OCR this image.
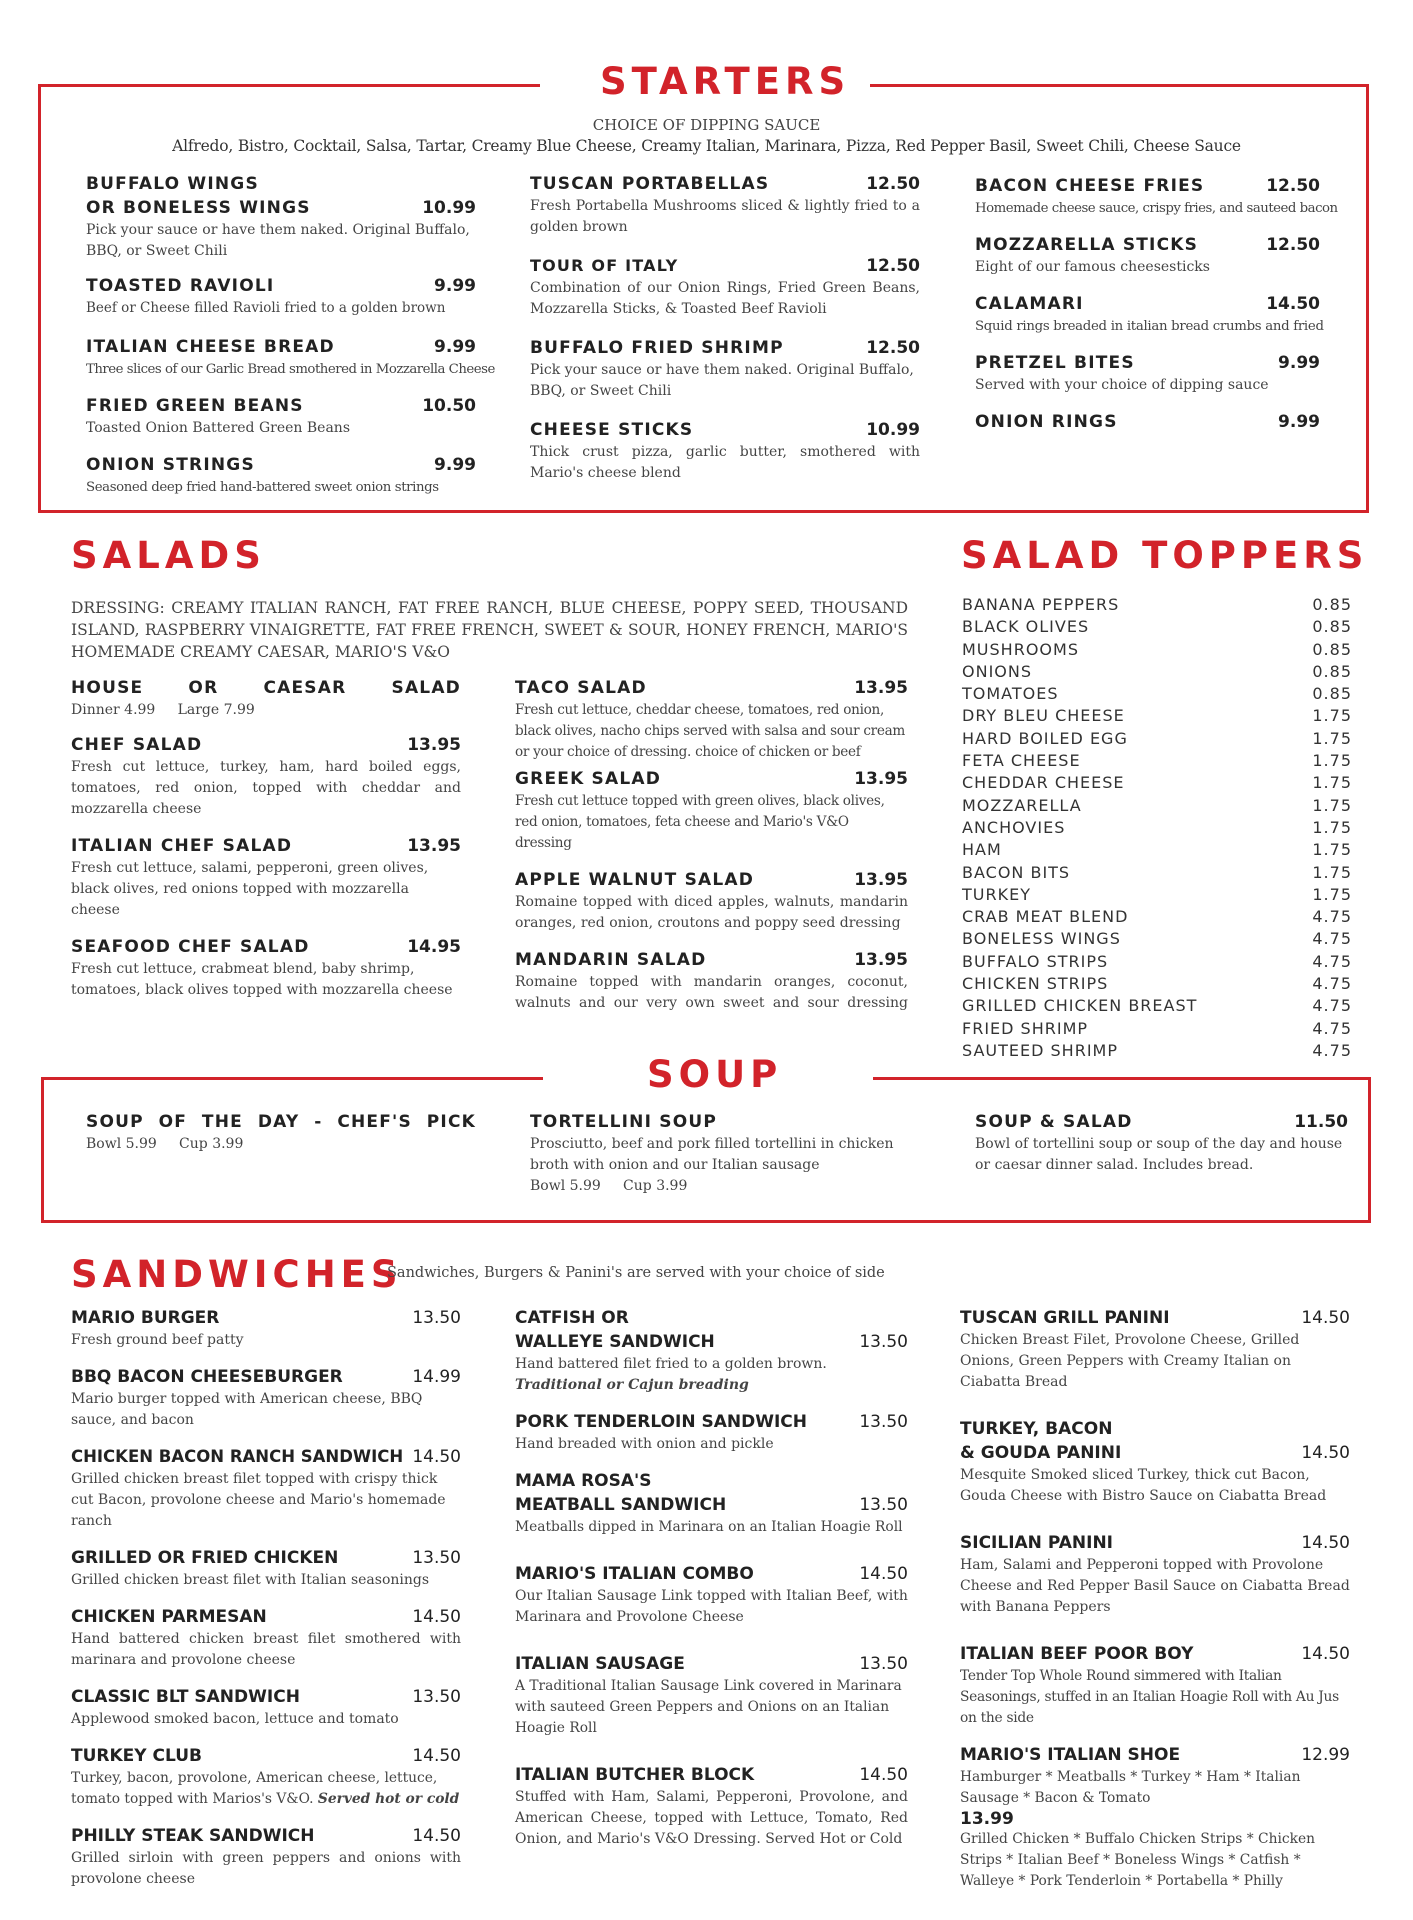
STARTERS
CHOICE OF DIPPING SAUCE
Alfredo, Bistro, Cocktail, Salsa, Tartar, Creamy Blue Cheese, Creamy Italian, Marinara, Pizza, Red Pepper Basil, Sweet Chili, Cheese Sauce
BUFFALO WINGS
OR BONELESS WINGS	10.99
Pick your sauce or have them naked. Original Buffalo, BBQ, or Sweet Chili
TOASTED RAVIOLI	9.99
Beef or Cheese filled Ravioli fried to a golden brown
ITALIAN CHEESE BREAD	9.99
Three slices of our Garlic Bread smothered in Mozzarella Cheese
FRIED GREEN BEANS	10.50
Toasted Onion Battered Green Beans
ONION STRINGS	9.99
Seasoned deep fried hand-battered sweet onion strings
TUSCAN PORTABELLAS	12.50
Fresh Portabella Mushrooms sliced & lightly fried to a golden brown
TOUR OF ITALY	12.50
Combination of our Onion Rings, Fried Green Beans, Mozzarella Sticks, & Toasted Beef Ravioli
BUFFALO FRIED SHRIMP	12.50
Pick your sauce or have them naked. Original Buffalo, BBQ, or Sweet Chili
CHEESE STICKS	10.99
Thick crust pizza, garlic butter, smothered with Mario's cheese blend
BACON CHEESE FRIES	12.50
Homemade cheese sauce, crispy fries, and sauteed bacon
MOZZARELLA STICKS	12.50
Eight of our famous cheesesticks
CALAMARI	14.50
Squid rings breaded in italian bread crumbs and fried
PRETZEL BITES	9.99
Served with your choice of dipping sauce
ONION RINGS	9.99
SALADS
DRESSING: CREAMY ITALIAN RANCH, FAT FREE RANCH, BLUE CHEESE, POPPY SEED, THOUSAND ISLAND, RASPBERRY VINAIGRETTE, FAT FREE FRENCH, SWEET & SOUR, HONEY FRENCH, MARIO'S HOMEMADE CREAMY CAESAR, MARIO'S V&O
HOUSE OR CAESAR SALAD
Dinner 4.99     Large 7.99
CHEF SALAD	13.95
Fresh cut lettuce, turkey, ham, hard boiled eggs, tomatoes, red onion, topped with cheddar and mozzarella cheese
ITALIAN CHEF SALAD	13.95
Fresh cut lettuce, salami, pepperoni, green olives, black olives, red onions topped with mozzarella cheese
SEAFOOD CHEF SALAD	14.95
Fresh cut lettuce, crabmeat blend, baby shrimp, tomatoes, black olives topped with mozzarella cheese
TACO SALAD	13.95
Fresh cut lettuce, cheddar cheese, tomatoes, red onion, black olives, nacho chips served with salsa and sour cream or your choice of dressing. choice of chicken or beef
GREEK SALAD	13.95
Fresh cut lettuce topped with green olives, black olives, red onion, tomatoes, feta cheese and Mario's V&O dressing
APPLE WALNUT SALAD	13.95
Romaine topped with diced apples, walnuts, mandarin oranges, red onion, croutons and poppy seed dressing
MANDARIN SALAD	13.95
Romaine topped with mandarin oranges, coconut, walnuts and our very own sweet and sour dressing
SALAD TOPPERS
BANANA PEPPERS	0.85
BLACK OLIVES	0.85
MUSHROOMS	0.85
ONIONS	0.85
TOMATOES	0.85
DRY BLEU CHEESE	1.75
HARD BOILED EGG	1.75
FETA CHEESE	1.75
CHEDDAR CHEESE	1.75
MOZZARELLA	1.75
ANCHOVIES	1.75
HAM	1.75
BACON BITS	1.75
TURKEY	1.75
CRAB MEAT BLEND	4.75
BONELESS WINGS	4.75
BUFFALO STRIPS	4.75
CHICKEN STRIPS	4.75
GRILLED CHICKEN BREAST	4.75
FRIED SHRIMP	4.75
SAUTEED SHRIMP	4.75
SOUP
SOUP OF THE DAY - CHEF'S PICK
Bowl 5.99     Cup 3.99
TORTELLINI SOUP
Prosciutto, beef and pork filled tortellini in chicken broth with onion and our Italian sausage
Bowl 5.99     Cup 3.99
SOUP & SALAD	11.50
Bowl of tortellini soup or soup of the day and house or caesar dinner salad. Includes bread.
SANDWICHES
Sandwiches, Burgers & Panini's are served with your choice of side
MARIO BURGER	13.50
Fresh ground beef patty
BBQ BACON CHEESEBURGER	14.99
Mario burger topped with American cheese, BBQ sauce, and bacon
CHICKEN BACON RANCH SANDWICH 14.50
Grilled chicken breast filet topped with crispy thick cut Bacon, provolone cheese and Mario's homemade ranch
GRILLED OR FRIED CHICKEN	13.50
Grilled chicken breast filet with Italian seasonings
CHICKEN PARMESAN	14.50
Hand battered chicken breast filet smothered with marinara and provolone cheese
CLASSIC BLT SANDWICH	13.50
Applewood smoked bacon, lettuce and tomato
TURKEY CLUB	14.50
Turkey, bacon, provolone, American cheese, lettuce, tomato topped with Marios's V&O. Served hot or cold
PHILLY STEAK SANDWICH	14.50
Grilled sirloin with green peppers and onions with provolone cheese
CATFISH OR
WALLEYE SANDWICH	13.50
Hand battered filet fried to a golden brown.
Traditional or Cajun breading
PORK TENDERLOIN SANDWICH	13.50
Hand breaded with onion and pickle
MAMA ROSA'S
MEATBALL SANDWICH	13.50
Meatballs dipped in Marinara on an Italian Hoagie Roll
MARIO'S ITALIAN COMBO	14.50
Our Italian Sausage Link topped with Italian Beef, with Marinara and Provolone Cheese
ITALIAN SAUSAGE	13.50
A Traditional Italian Sausage Link covered in Marinara with sauteed Green Peppers and Onions on an Italian Hoagie Roll
ITALIAN BUTCHER BLOCK	14.50
Stuffed with Ham, Salami, Pepperoni, Provolone, and American Cheese, topped with Lettuce, Tomato, Red Onion, and Mario's V&O Dressing. Served Hot or Cold
TUSCAN GRILL PANINI	14.50
Chicken Breast Filet, Provolone Cheese, Grilled Onions, Green Peppers with Creamy Italian on Ciabatta Bread
TURKEY, BACON
& GOUDA PANINI	14.50
Mesquite Smoked sliced Turkey, thick cut Bacon, Gouda Cheese with Bistro Sauce on Ciabatta Bread
SICILIAN PANINI	14.50
Ham, Salami and Pepperoni topped with Provolone Cheese and Red Pepper Basil Sauce on Ciabatta Bread with Banana Peppers
ITALIAN BEEF POOR BOY	14.50
Tender Top Whole Round simmered with Italian Seasonings, stuffed in an Italian Hoagie Roll with Au Jus on the side
MARIO'S ITALIAN SHOE	12.99
Hamburger * Meatballs * Turkey * Ham * Italian Sausage * Bacon & Tomato
13.99
Grilled Chicken * Buffalo Chicken Strips * Chicken Strips * Italian Beef * Boneless Wings * Catfish * Walleye * Pork Tenderloin * Portabella * Philly
